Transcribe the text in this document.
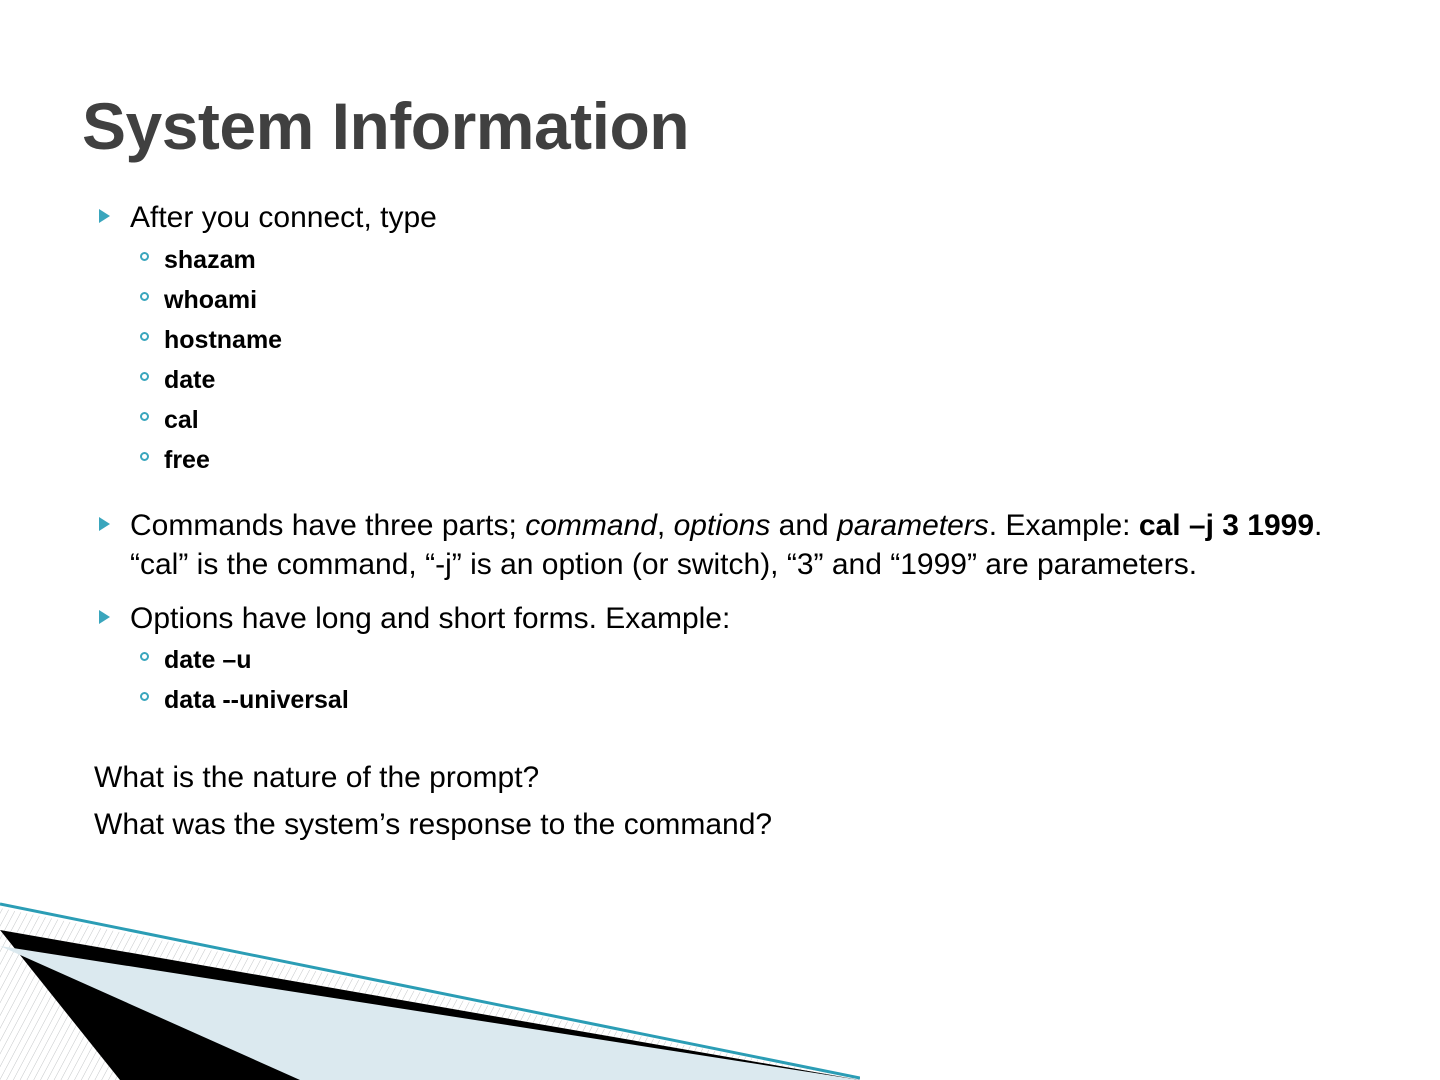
System Information
After you connect, type
shazam
whoami
hostname
date
cal
free
Commands have three parts; command, options and parameters. Example: cal –j 3 1999. “cal” is the command, “-j” is an option (or switch), “3” and “1999” are parameters.
Options have long and short forms. Example:
date –u
data --universal
What is the nature of the prompt?
What was the system’s response to the command?
